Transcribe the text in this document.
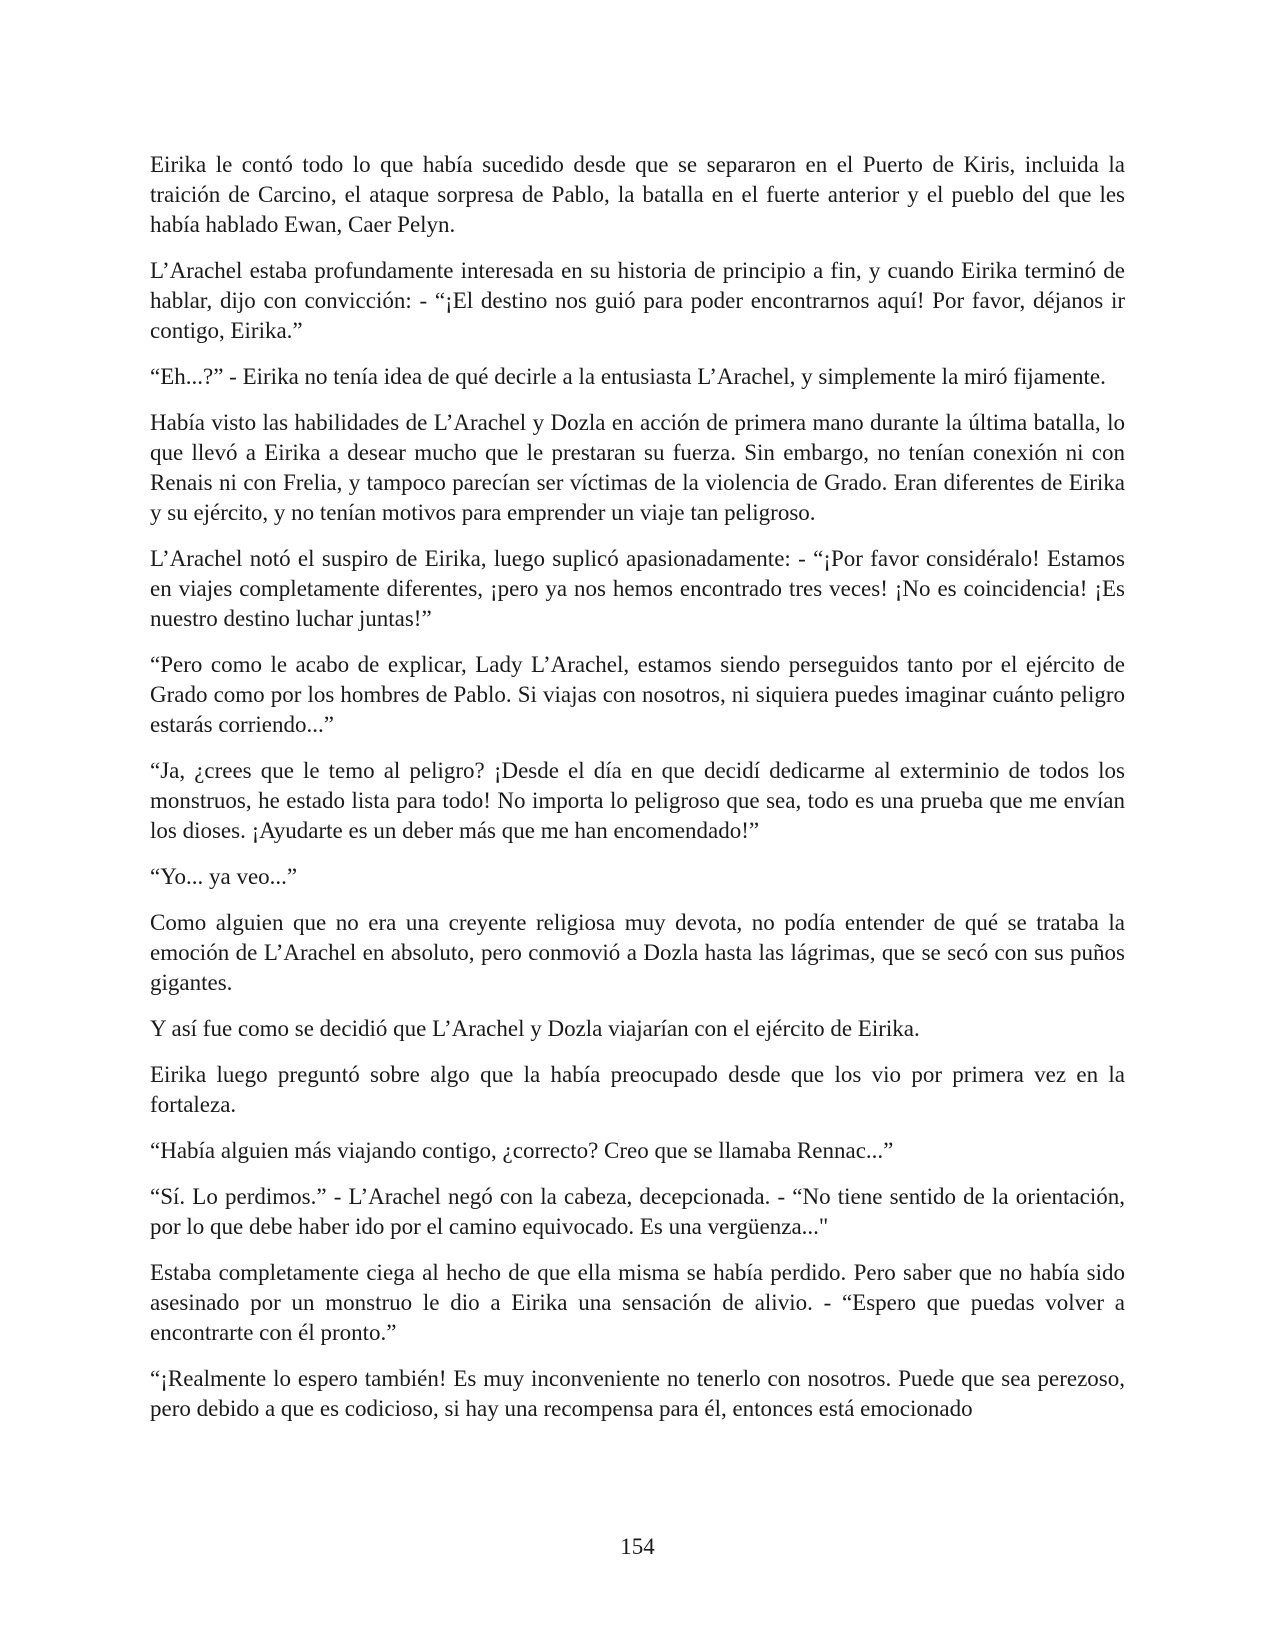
Eirika le contó todo lo que había sucedido desde que se separaron en el Puerto de Kiris, incluida la traición de Carcino, el ataque sorpresa de Pablo, la batalla en el fuerte anterior y el pueblo del que les había hablado Ewan, Caer Pelyn.

L’Arachel estaba profundamente interesada en su historia de principio a fin, y cuando Eirika terminó de hablar, dijo con convicción: - “¡El destino nos guió para poder encontrarnos aquí! Por favor, déjanos ir contigo, Eirika.”

“Eh...?” - Eirika no tenía idea de qué decirle a la entusiasta L’Arachel, y simplemente la miró fijamente.

Había visto las habilidades de L’Arachel y Dozla en acción de primera mano durante la última batalla, lo que llevó a Eirika a desear mucho que le prestaran su fuerza. Sin embargo, no tenían conexión ni con Renais ni con Frelia, y tampoco parecían ser víctimas de la violencia de Grado. Eran diferentes de Eirika y su ejército, y no tenían motivos para emprender un viaje tan peligroso.

L’Arachel notó el suspiro de Eirika, luego suplicó apasionadamente: - “¡Por favor considéralo! Estamos en viajes completamente diferentes, ¡pero ya nos hemos encontrado tres veces! ¡No es coincidencia! ¡Es nuestro destino luchar juntas!”

“Pero como le acabo de explicar, Lady L’Arachel, estamos siendo perseguidos tanto por el ejército de Grado como por los hombres de Pablo. Si viajas con nosotros, ni siquiera puedes imaginar cuánto peligro estarás corriendo...”

“Ja, ¿crees que le temo al peligro? ¡Desde el día en que decidí dedicarme al exterminio de todos los monstruos, he estado lista para todo! No importa lo peligroso que sea, todo es una prueba que me envían los dioses. ¡Ayudarte es un deber más que me han encomendado!”

“Yo... ya veo...”

Como alguien que no era una creyente religiosa muy devota, no podía entender de qué se trataba la emoción de L’Arachel en absoluto, pero conmovió a Dozla hasta las lágrimas, que se secó con sus puños gigantes.

Y así fue como se decidió que L’Arachel y Dozla viajarían con el ejército de Eirika.

Eirika luego preguntó sobre algo que la había preocupado desde que los vio por primera vez en la fortaleza.

“Había alguien más viajando contigo, ¿correcto? Creo que se llamaba Rennac...”

“Sí. Lo perdimos.” - L’Arachel negó con la cabeza, decepcionada. - “No tiene sentido de la orientación, por lo que debe haber ido por el camino equivocado. Es una vergüenza..."

Estaba completamente ciega al hecho de que ella misma se había perdido. Pero saber que no había sido asesinado por un monstruo le dio a Eirika una sensación de alivio. - “Espero que puedas volver a encontrarte con él pronto.”

“¡Realmente lo espero también! Es muy inconveniente no tenerlo con nosotros. Puede que sea perezoso, pero debido a que es codicioso, si hay una recompensa para él, entonces está emocionado

154
